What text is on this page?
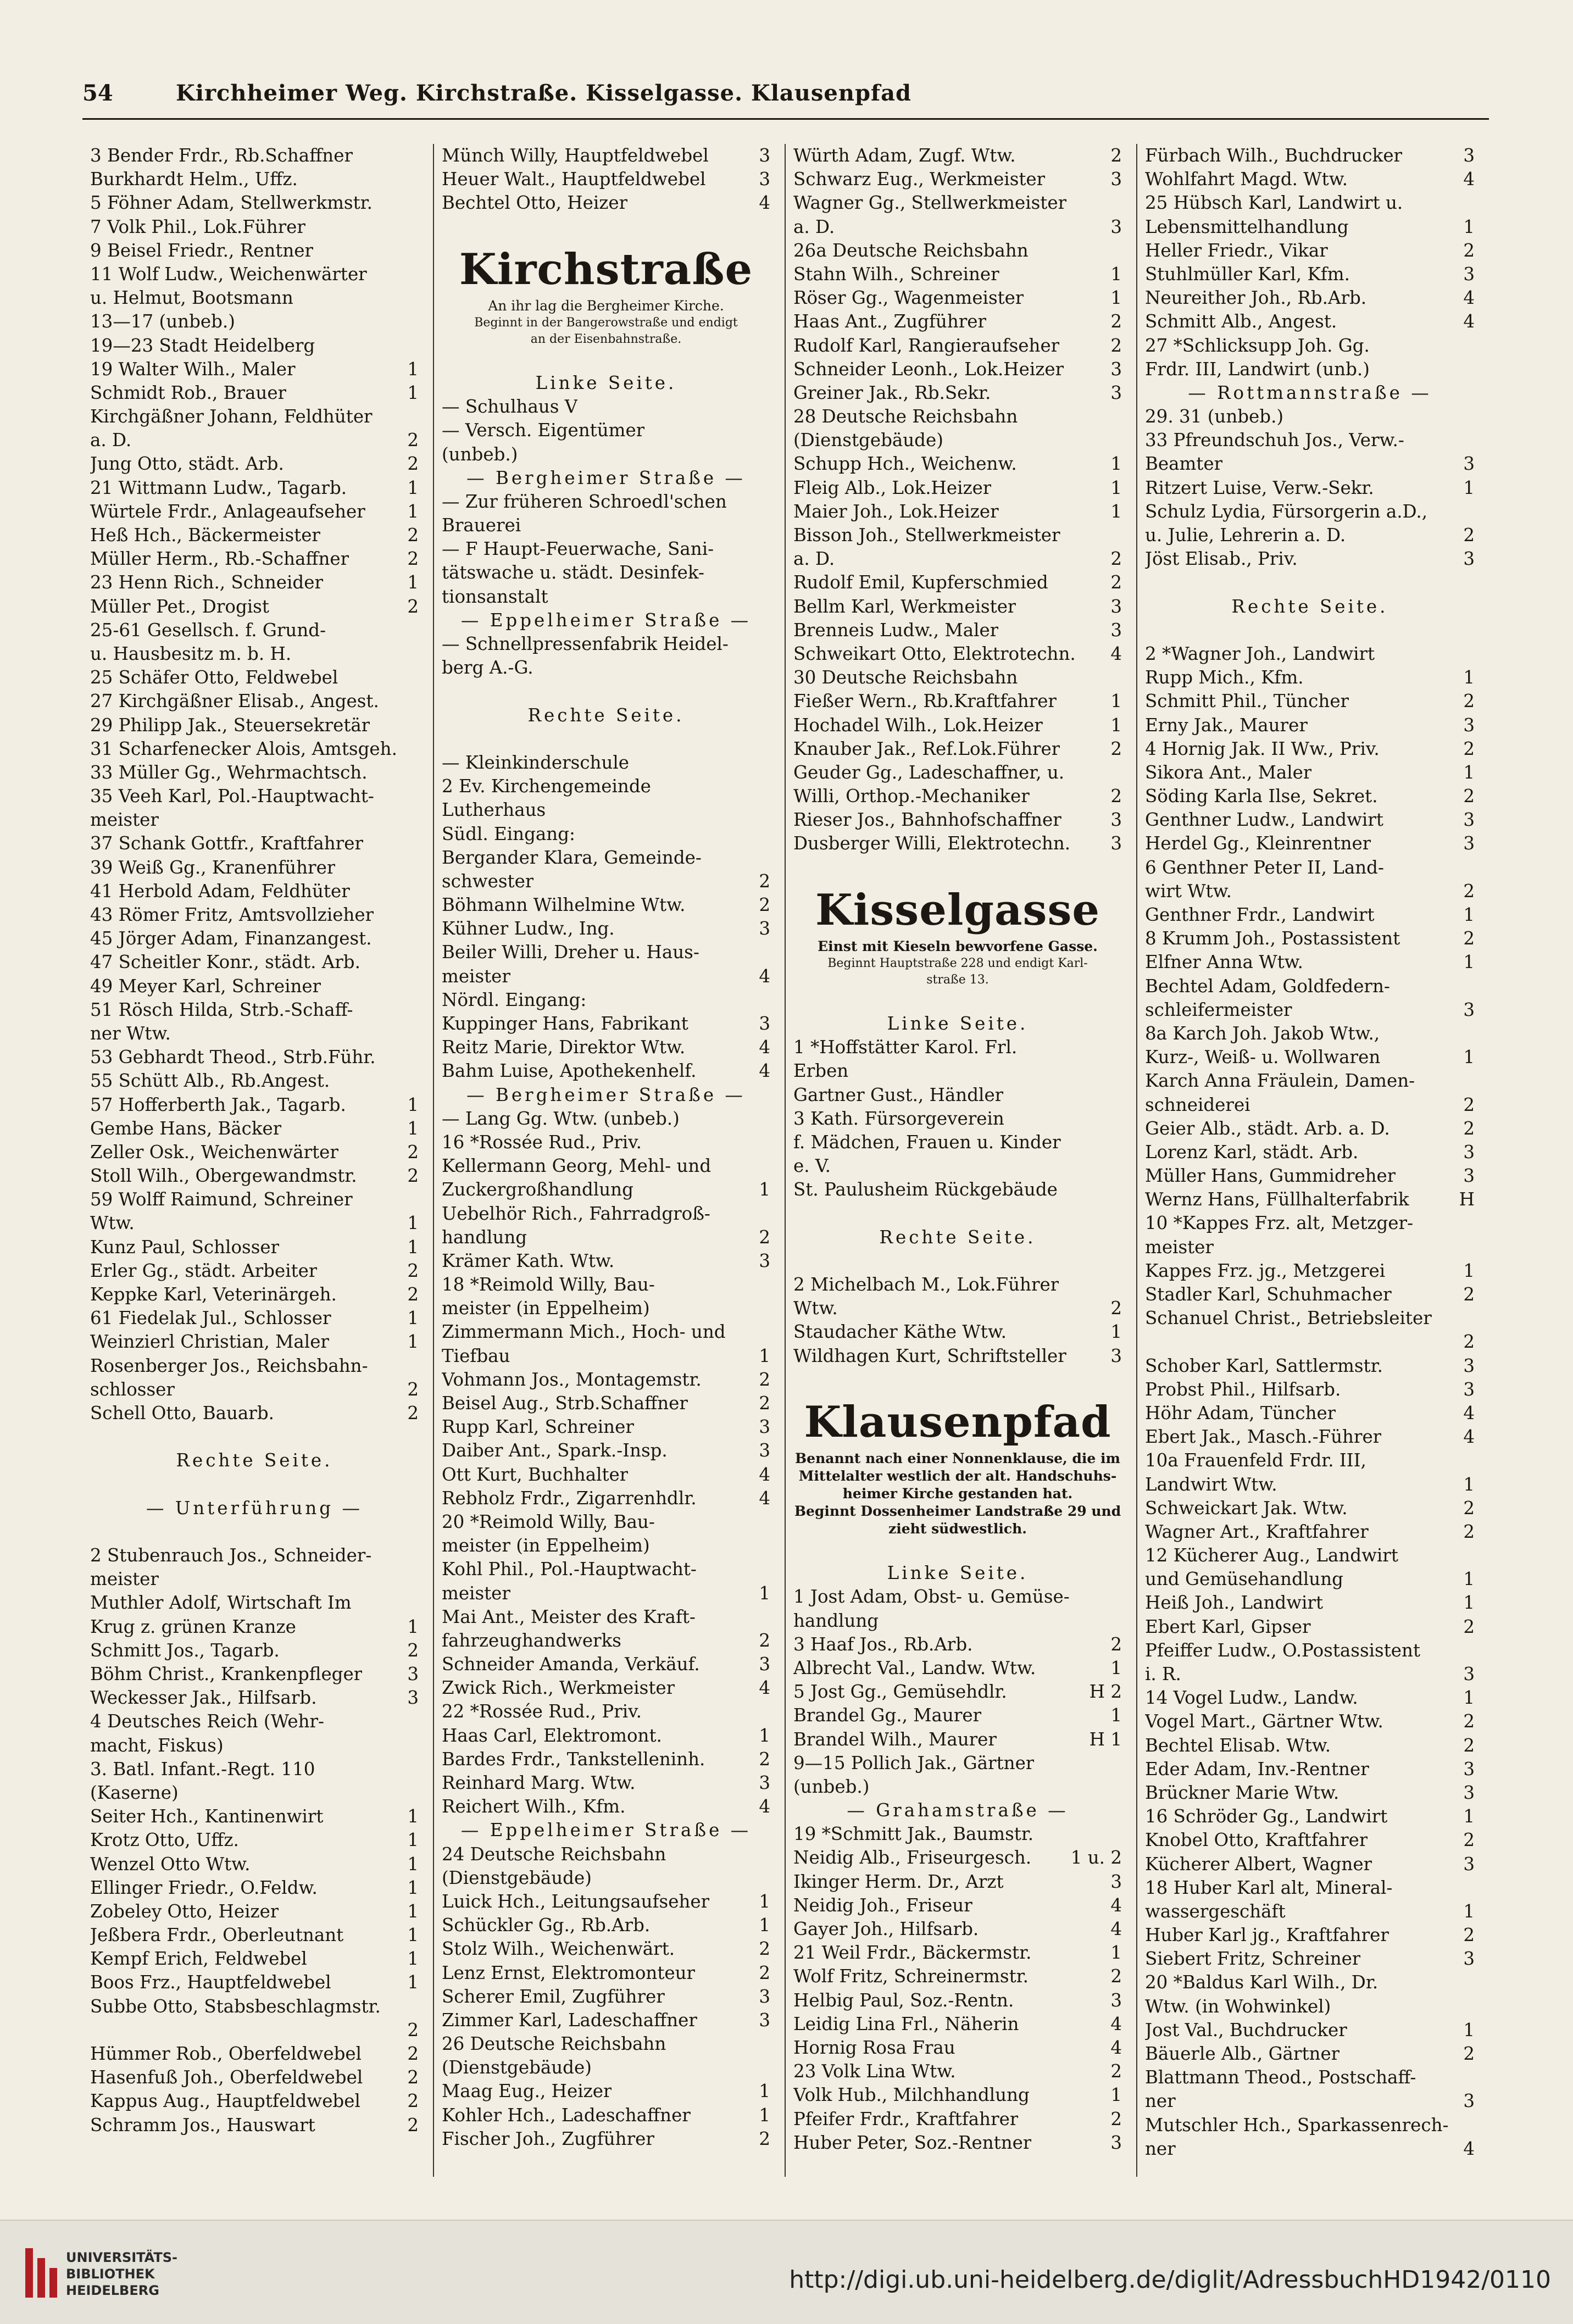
54	Kirchheimer Weg. Kirchstraße. Kisselgasse. Klausenpfad
3 Bender Frdr., Rb.Schaffner
Burkhardt Helm., Uffz.
5 Föhner Adam, Stellwerkmstr.
7 Volk Phil., Lok.Führer
9 Beisel Friedr., Rentner
11 Wolf Ludw., Weichenwärter
u. Helmut, Bootsmann
13—17 (unbeb.)
19—23 Stadt Heidelberg
19 Walter Wilh., Maler	1
Schmidt Rob., Brauer	1
Kirchgäßner Johann, Feldhüter
a. D.	2
Jung Otto, städt. Arb.	2
21 Wittmann Ludw., Tagarb.	1
Würtele Frdr., Anlageaufseher 1
Heß Hch., Bäckermeister	2
Müller Herm., Rb.-Schaffner	2
23 Henn Rich., Schneider	1
Müller Pet., Drogist	2
25-61 Gesellsch. f. Grund-
u. Hausbesitz m. b. H.
25 Schäfer Otto, Feldwebel
27 Kirchgäßner Elisab., Angest.
29 Philipp Jak., Steuersekretär
31 Scharfenecker Alois, Amtsgeh.
33 Müller Gg., Wehrmachtsch.
35 Veeh Karl, Pol.-Hauptwacht-
meister
37 Schank Gottfr., Kraftfahrer
39 Weiß Gg., Kranenführer
41 Herbold Adam, Feldhüter
43 Römer Fritz, Amtsvollzieher
45 Jörger Adam, Finanzangest.
47 Scheitler Konr., städt. Arb.
49 Meyer Karl, Schreiner
51 Rösch Hilda, Strb.-Schaff-
ner Wtw.
53 Gebhardt Theod., Strb.Führ.
55 Schütt Alb., Rb.Angest.
57 Hofferberth Jak., Tagarb.	1
Gembe Hans, Bäcker	1
Zeller Osk., Weichenwärter	2
Stoll Wilh., Obergewandmstr.	2
59 Wolff Raimund, Schreiner
Wtw.	1
Kunz Paul, Schlosser	1
Erler Gg., städt. Arbeiter	2
Keppke Karl, Veterinärgeh.	2
61 Fiedelak Jul., Schlosser	1
Weinzierl Christian, Maler	1
Rosenberger Jos., Reichsbahn-
schlosser	2
Schell Otto, Bauarb.	2
Rechte Seite.
— Unterführung —
2 Stubenrauch Jos., Schneider-
meister
Muthler Adolf, Wirtschaft Im
Krug z. grünen Kranze	1
Schmitt Jos., Tagarb.	2
Böhm Christ., Krankenpfleger	3
Weckesser Jak., Hilfsarb.	3
4 Deutsches Reich (Wehr-
macht, Fiskus)
3. Batl. Infant.-Regt. 110
(Kaserne)
Seiter Hch., Kantinenwirt	1
Krotz Otto, Uffz.	1
Wenzel Otto Wtw.	1
Ellinger Friedr., O.Feldw.	1
Zobeley Otto, Heizer	1
Jeßbera Frdr., Oberleutnant	1
Kempf Erich, Feldwebel	1
Boos Frz., Hauptfeldwebel	1
Subbe Otto, Stabsbeschlagmstr.
2
Hümmer Rob., Oberfeldwebel	2
Hasenfuß Joh., Oberfeldwebel 2
Kappus Aug., Hauptfeldwebel	2
Schramm Jos., Hauswart	2
Münch Willy, Hauptfeldwebel	3
Heuer Walt., Hauptfeldwebel	3
Bechtel Otto, Heizer	4
Kirchstraße
An ihr lag die Bergheimer Kirche.
Beginnt in der Bangerowstraße und endigt
an der Eisenbahnstraße.
Linke Seite.
— Schulhaus V
— Versch. Eigentümer
(unbeb.)
— Bergheimer Straße —
— Zur früheren Schroedl'schen
Brauerei
— F Haupt-Feuerwache, Sani-
tätswache u. städt. Desinfek-
tionsanstalt
— Eppelheimer Straße —
— Schnellpressenfabrik Heidel-
berg A.-G.
Rechte Seite.
— Kleinkinderschule
2 Ev. Kirchengemeinde
Lutherhaus
Südl. Eingang:
Bergander Klara, Gemeinde-
schwester	2
Böhmann Wilhelmine Wtw.	2
Kühner Ludw., Ing.	3
Beiler Willi, Dreher u. Haus-
meister	4
Nördl. Eingang:
Kuppinger Hans, Fabrikant	3
Reitz Marie, Direktor Wtw.	4
Bahm Luise, Apothekenhelf.	4
— Bergheimer Straße —
— Lang Gg. Wtw. (unbeb.)
16 *Rossée Rud., Priv.
Kellermann Georg, Mehl- und
Zuckergroßhandlung	1
Uebelhör Rich., Fahrradgroß-
handlung	2
Krämer Kath. Wtw.	3
18 *Reimold Willy, Bau-
meister (in Eppelheim)
Zimmermann Mich., Hoch- und
Tiefbau	1
Vohmann Jos., Montagemstr.	2
Beisel Aug., Strb.Schaffner	2
Rupp Karl, Schreiner	3
Daiber Ant., Spark.-Insp.	3
Ott Kurt, Buchhalter	4
Rebholz Frdr., Zigarrenhdlr.	4
20 *Reimold Willy, Bau-
meister (in Eppelheim)
Kohl Phil., Pol.-Hauptwacht-
meister	1
Mai Ant., Meister des Kraft-
fahrzeughandwerks	2
Schneider Amanda, Verkäuf.	3
Zwick Rich., Werkmeister	4
22 *Rossée Rud., Priv.
Haas Carl, Elektromont.	1
Bardes Frdr., Tankstelleninh.	2
Reinhard Marg. Wtw.	3
Reichert Wilh., Kfm.	4
— Eppelheimer Straße —
24 Deutsche Reichsbahn
(Dienstgebäude)
Luick Hch., Leitungsaufseher	1
Schückler Gg., Rb.Arb.	1
Stolz Wilh., Weichenwärt.	2
Lenz Ernst, Elektromonteur	2
Scherer Emil, Zugführer	3
Zimmer Karl, Ladeschaffner	3
26 Deutsche Reichsbahn
(Dienstgebäude)
Maag Eug., Heizer	1
Kohler Hch., Ladeschaffner	1
Fischer Joh., Zugführer	2
Würth Adam, Zugf. Wtw.	2
Schwarz Eug., Werkmeister	3
Wagner Gg., Stellwerkmeister
a. D.	3
26a Deutsche Reichsbahn
Stahn Wilh., Schreiner	1
Röser Gg., Wagenmeister	1
Haas Ant., Zugführer	2
Rudolf Karl, Rangieraufseher	2
Schneider Leonh., Lok.Heizer	3
Greiner Jak., Rb.Sekr.	3
28 Deutsche Reichsbahn
(Dienstgebäude)
Schupp Hch., Weichenw.	1
Fleig Alb., Lok.Heizer	1
Maier Joh., Lok.Heizer	1
Bisson Joh., Stellwerkmeister
a. D.	2
Rudolf Emil, Kupferschmied	2
Bellm Karl, Werkmeister	3
Brenneis Ludw., Maler	3
Schweikart Otto, Elektrotechn. 4
30 Deutsche Reichsbahn
Fießer Wern., Rb.Kraftfahrer	1
Hochadel Wilh., Lok.Heizer	1
Knauber Jak., Ref.Lok.Führer	2
Geuder Gg., Ladeschaffner, u.
Willi, Orthop.-Mechaniker	2
Rieser Jos., Bahnhofschaffner	3
Dusberger Willi, Elektrotechn. 3
Kisselgasse
Einst mit Kieseln bewvorfene Gasse.
Beginnt Hauptstraße 228 und endigt Karl-
straße 13.
Linke Seite.
1 *Hoffstätter Karol. Frl.
Erben
Gartner Gust., Händler
3 Kath. Fürsorgeverein
f. Mädchen, Frauen u. Kinder
e. V.
St. Paulusheim Rückgebäude
Rechte Seite.
2 Michelbach M., Lok.Führer
Wtw.	2
Staudacher Käthe Wtw.	1
Wildhagen Kurt, Schriftsteller 3
Klausenpfad
Benannt nach einer Nonnenklause, die im
Mittelalter westlich der alt. Handschuhs-
heimer Kirche gestanden hat.
Beginnt Dossenheimer Landstraße 29 und
zieht südwestlich.
Linke Seite.
1 Jost Adam, Obst- u. Gemüse-
handlung
3 Haaf Jos., Rb.Arb.	2
Albrecht Val., Landw. Wtw.	1
5 Jost Gg., Gemüsehdlr.	H 2
Brandel Gg., Maurer	1
Brandel Wilh., Maurer	H 1
9—15 Pollich Jak., Gärtner
(unbeb.)
— Grahamstraße —
19 *Schmitt Jak., Baumstr.
Neidig Alb., Friseurgesch. 1 u. 2
Ikinger Herm. Dr., Arzt	3
Neidig Joh., Friseur	4
Gayer Joh., Hilfsarb.	4
21 Weil Frdr., Bäckermstr.	1
Wolf Fritz, Schreinermstr.	2
Helbig Paul, Soz.-Rentn.	3
Leidig Lina Frl., Näherin	4
Hornig Rosa Frau	4
23 Volk Lina Wtw.	2
Volk Hub., Milchhandlung	1
Pfeifer Frdr., Kraftfahrer	2
Huber Peter, Soz.-Rentner	3
Fürbach Wilh., Buchdrucker	3
Wohlfahrt Magd. Wtw.	4
25 Hübsch Karl, Landwirt u.
Lebensmittelhandlung	1
Heller Friedr., Vikar	2
Stuhlmüller Karl, Kfm.	3
Neureither Joh., Rb.Arb.	4
Schmitt Alb., Angest.	4
27 *Schlicksupp Joh. Gg.
Frdr. III, Landwirt (unb.)
— Rottmannstraße —
29. 31 (unbeb.)
33 Pfreundschuh Jos., Verw.-
Beamter	3
Ritzert Luise, Verw.-Sekr.	1
Schulz Lydia, Fürsorgerin a.D.,
u. Julie, Lehrerin a. D.	2
Jöst Elisab., Priv.	3
Rechte Seite.
2 *Wagner Joh., Landwirt
Rupp Mich., Kfm.	1
Schmitt Phil., Tüncher	2
Erny Jak., Maurer	3
4 Hornig Jak. II Ww., Priv.	2
Sikora Ant., Maler	1
Söding Karla Ilse, Sekret.	2
Genthner Ludw., Landwirt	3
Herdel Gg., Kleinrentner	3
6 Genthner Peter II, Land-
wirt Wtw.	2
Genthner Frdr., Landwirt	1
8 Krumm Joh., Postassistent	2
Elfner Anna Wtw.	1
Bechtel Adam, Goldfedern-
schleifermeister	3
8a Karch Joh. Jakob Wtw.,
Kurz-, Weiß- u. Wollwaren	1
Karch Anna Fräulein, Damen-
schneiderei	2
Geier Alb., städt. Arb. a. D.	2
Lorenz Karl, städt. Arb.	3
Müller Hans, Gummidreher	3
Wernz Hans, Füllhalterfabrik	H
10 *Kappes Frz. alt, Metzger-
meister
Kappes Frz. jg., Metzgerei	1
Stadler Karl, Schuhmacher	2
Schanuel Christ., Betriebsleiter
2
Schober Karl, Sattlermstr.	3
Probst Phil., Hilfsarb.	3
Höhr Adam, Tüncher	4
Ebert Jak., Masch.-Führer	4
10a Frauenfeld Frdr. III,
Landwirt Wtw.	1
Schweickart Jak. Wtw.	2
Wagner Art., Kraftfahrer	2
12 Kücherer Aug., Landwirt
und Gemüsehandlung	1
Heiß Joh., Landwirt	1
Ebert Karl, Gipser	2
Pfeiffer Ludw., O.Postassistent
i. R.	3
14 Vogel Ludw., Landw.	1
Vogel Mart., Gärtner Wtw.	2
Bechtel Elisab. Wtw.	2
Eder Adam, Inv.-Rentner	3
Brückner Marie Wtw.	3
16 Schröder Gg., Landwirt	1
Knobel Otto, Kraftfahrer	2
Kücherer Albert, Wagner	3
18 Huber Karl alt, Mineral-
wassergeschäft	1
Huber Karl jg., Kraftfahrer	2
Siebert Fritz, Schreiner	3
20 *Baldus Karl Wilh., Dr.
Wtw. (in Wohwinkel)
Jost Val., Buchdrucker	1
Bäuerle Alb., Gärtner	2
Blattmann Theod., Postschaff-
ner	3
Mutschler Hch., Sparkassenrech-
ner	4
UNIVERSITÄTS-
BIBLIOTHEK
HEIDELBERG	http://digi.ub.uni-heidelberg.de/diglit/AdressbuchHD1942/0110
